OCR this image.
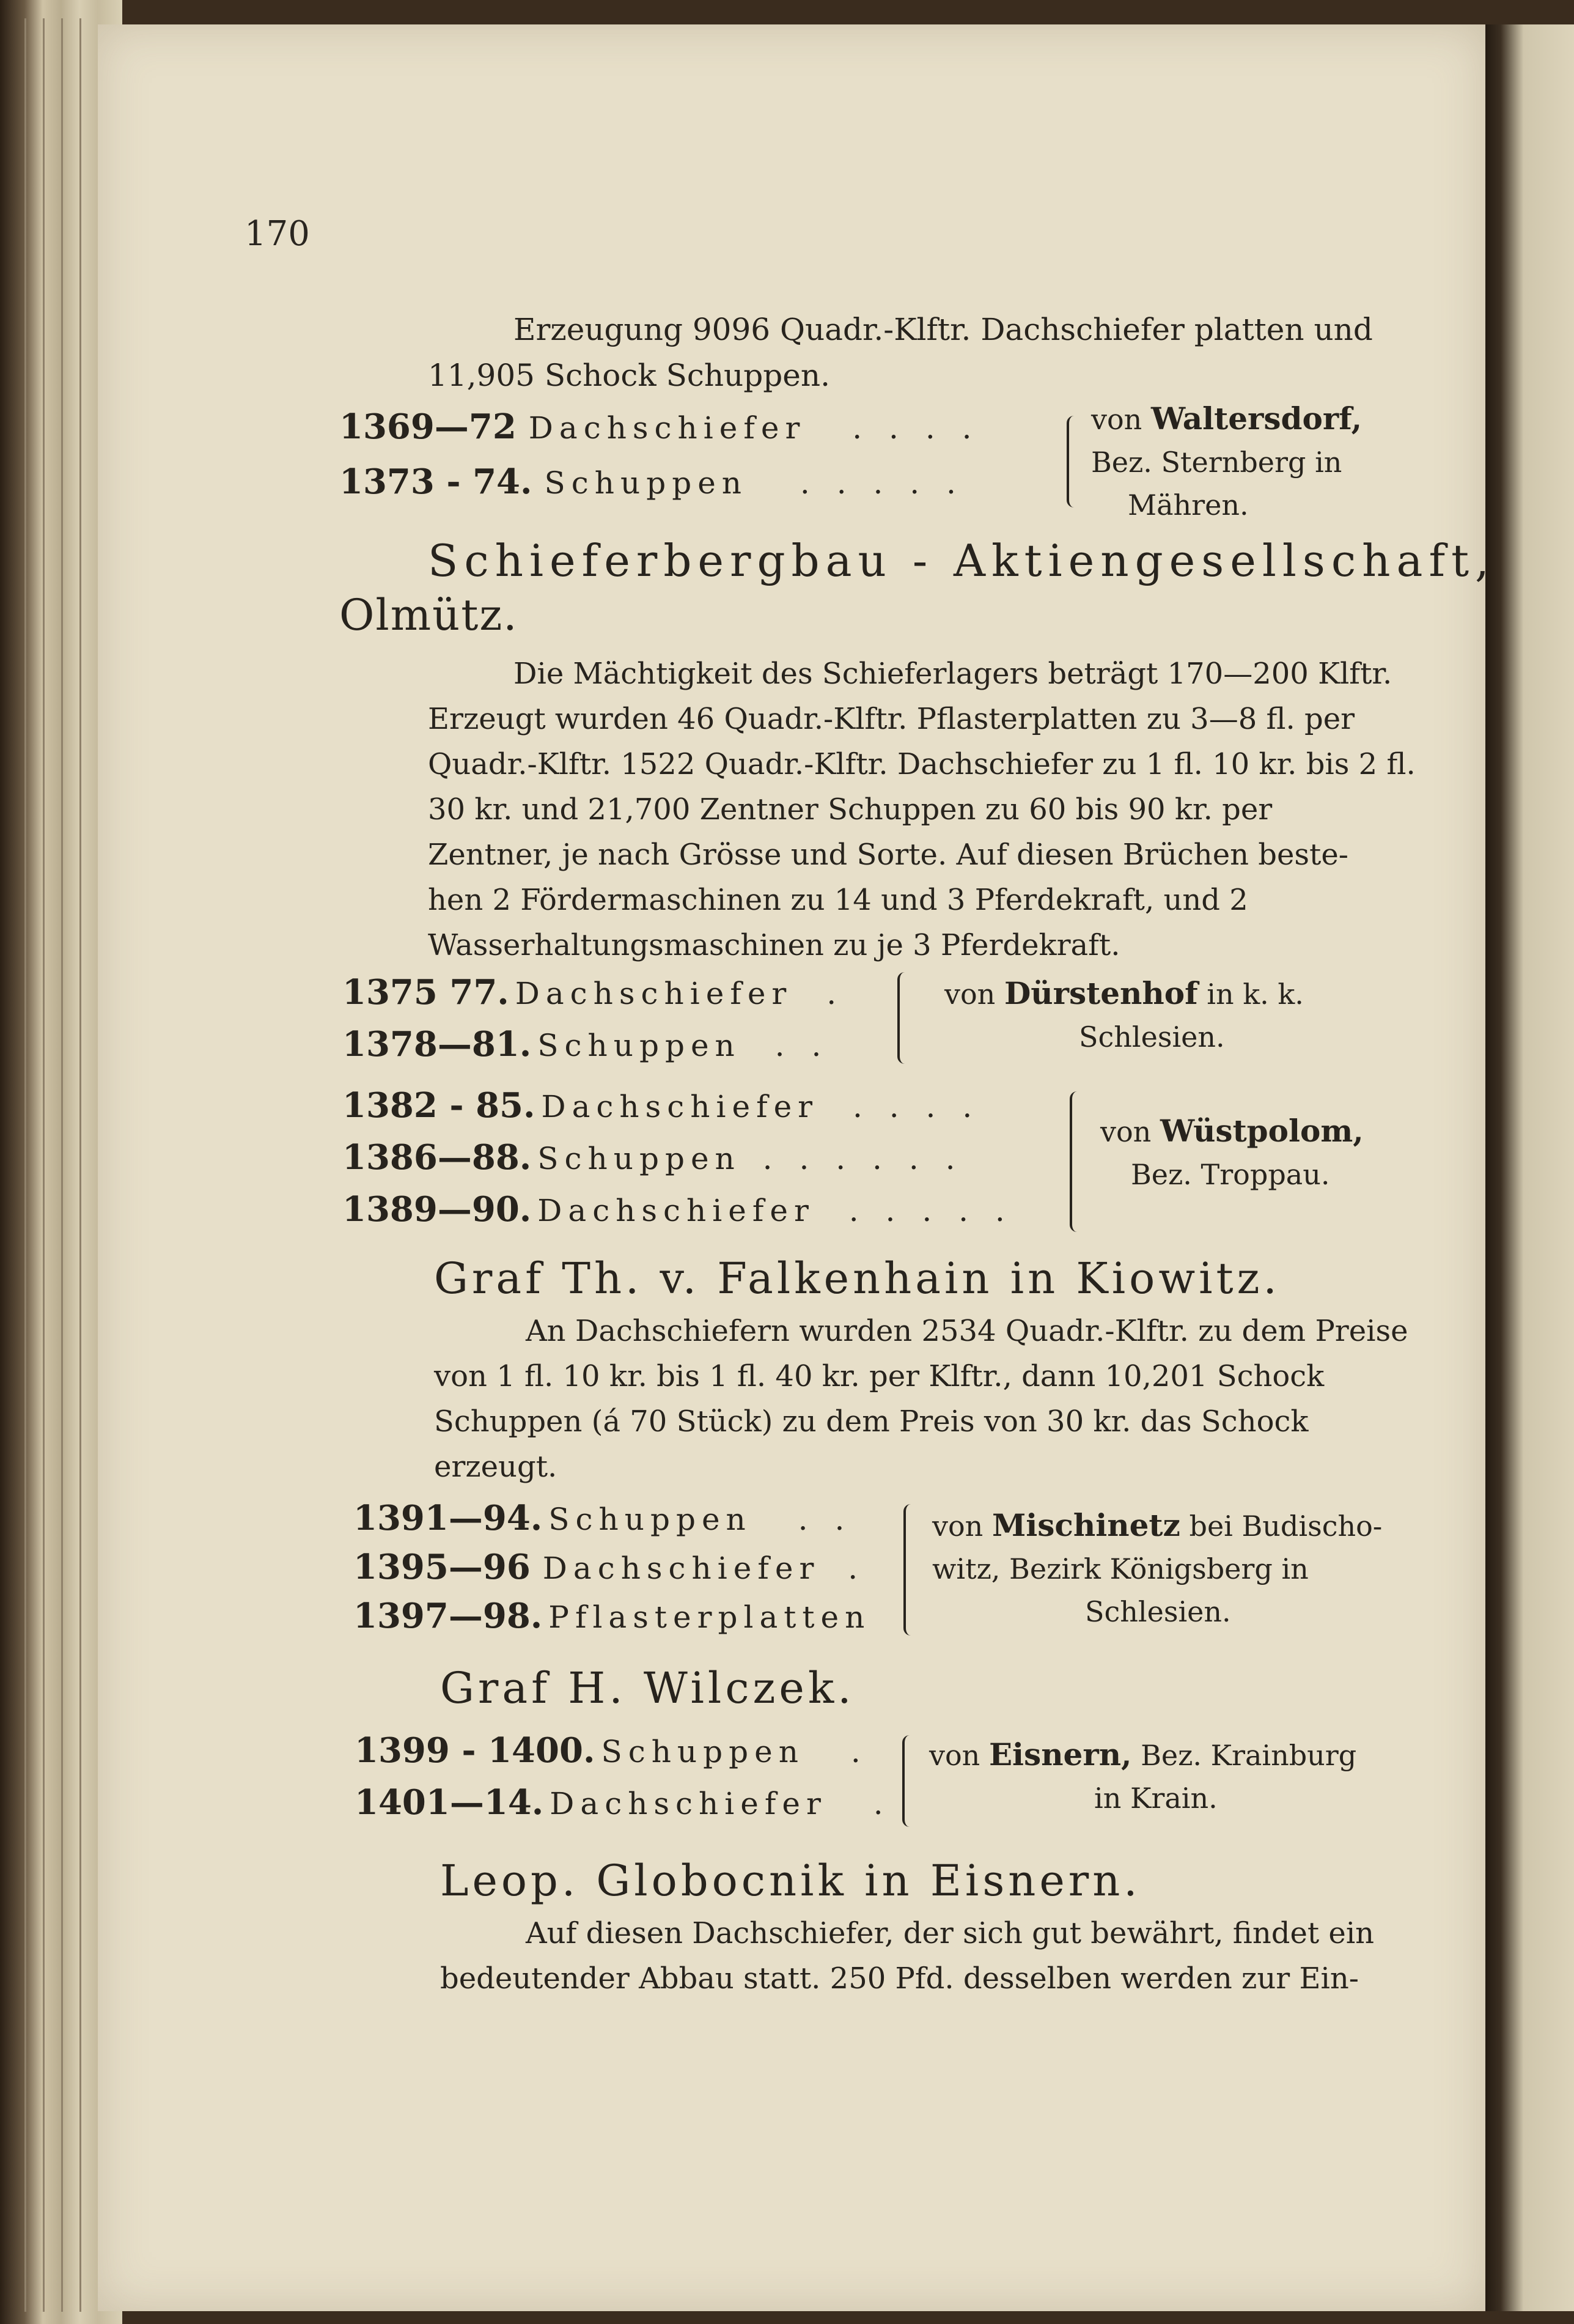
170
Erzeugung 9096 Quadr.-Klftr. Dachschiefer platten und
11,905 Schock Schuppen.
1369—72 Dachschiefer . . . .
1373 - 74. Schuppen . . . . .
von Waltersdorf,
Bez. Sternberg in
Mähren.
Schieferbergbau - Aktiengesellschaft,
Olmütz.
Die Mächtigkeit des Schieferlagers beträgt 170—200 Klftr.
Erzeugt wurden 46 Quadr.-Klftr. Pflasterplatten zu 3—8 fl. per
Quadr.-Klftr. 1522 Quadr.-Klftr. Dachschiefer zu 1 fl. 10 kr. bis 2 fl.
30 kr. und 21,700 Zentner Schuppen zu 60 bis 90 kr. per
Zentner, je nach Grösse und Sorte. Auf diesen Brüchen beste-
hen 2 Fördermaschinen zu 14 und 3 Pferdekraft, und 2
Wasserhaltungsmaschinen zu je 3 Pferdekraft.
1375 77. Dachschiefer .
1378—81. Schuppen . .
von Dürstenhof in k. k.
Schlesien.
1382 - 85. Dachschiefer . . . .
1386—88. Schuppen . . . . . .
1389—90. Dachschiefer . . . . .
von Wüstpolom,
Bez. Troppau.
Graf Th. v. Falkenhain in Kiowitz.
An Dachschiefern wurden 2534 Quadr.-Klftr. zu dem Preise
von 1 fl. 10 kr. bis 1 fl. 40 kr. per Klftr., dann 10,201 Schock
Schuppen (á 70 Stück) zu dem Preis von 30 kr. das Schock
erzeugt.
1391—94. Schuppen . .
1395—96 Dachschiefer .
1397—98. Pflasterplatten
von Mischinetz bei Budischo-
witz, Bezirk Königsberg in
Schlesien.
Graf H. Wilczek.
1399 - 1400. Schuppen .
1401—14. Dachschiefer .
von Eisnern, Bez. Krainburg
in Krain.
Leop. Globocnik in Eisnern.
Auf diesen Dachschiefer, der sich gut bewährt, findet ein
bedeutender Abbau statt. 250 Pfd. desselben werden zur Ein-
